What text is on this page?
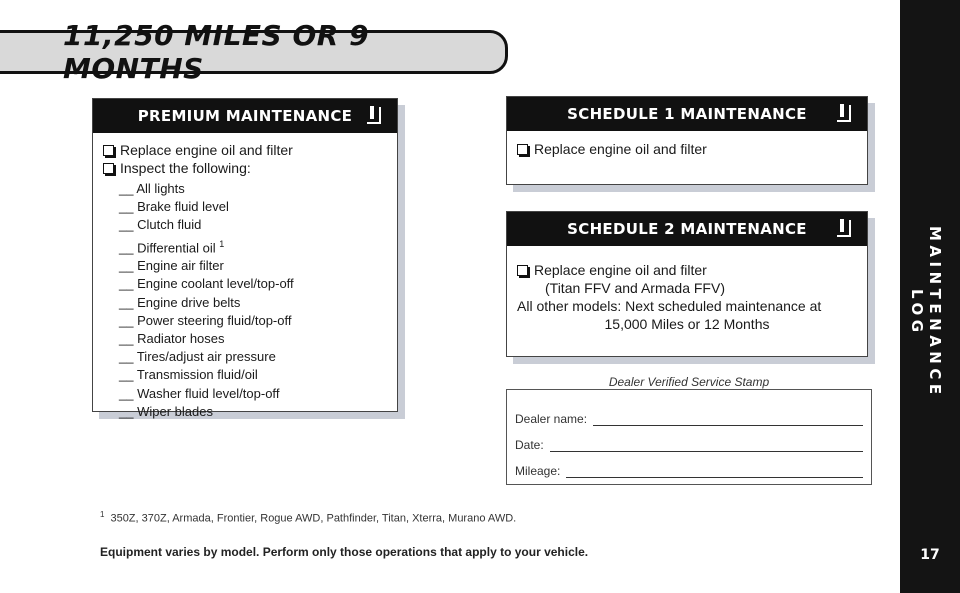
11,250 MILES OR 9 MONTHS
MAINTENANCE LOG
17
PREMIUM MAINTENANCE
Replace engine oil and filter
Inspect the following:
__ All lights
__ Brake fluid level
__ Clutch fluid
__ Differential oil $^1$
__ Engine air filter
__ Engine coolant level/top-off
__ Engine drive belts
__ Power steering fluid/top-off
__ Radiator hoses
__ Tires/adjust air pressure
__ Transmission fluid/oil
__ Washer fluid level/top-off
__ Wiper blades
SCHEDULE 1 MAINTENANCE
Replace engine oil and filter
SCHEDULE 2 MAINTENANCE
Replace engine oil and filter
(Titan FFV and Armada FFV)
All other models: Next scheduled maintenance at
15,000 Miles or 12 Months
Dealer Verified Service Stamp
Dealer name:
Date:
Mileage:
$^1$ 350Z, 370Z, Armada, Frontier, Rogue AWD, Pathfinder, Titan, Xterra, Murano AWD.
Equipment varies by model. Perform only those operations that apply to your vehicle.
